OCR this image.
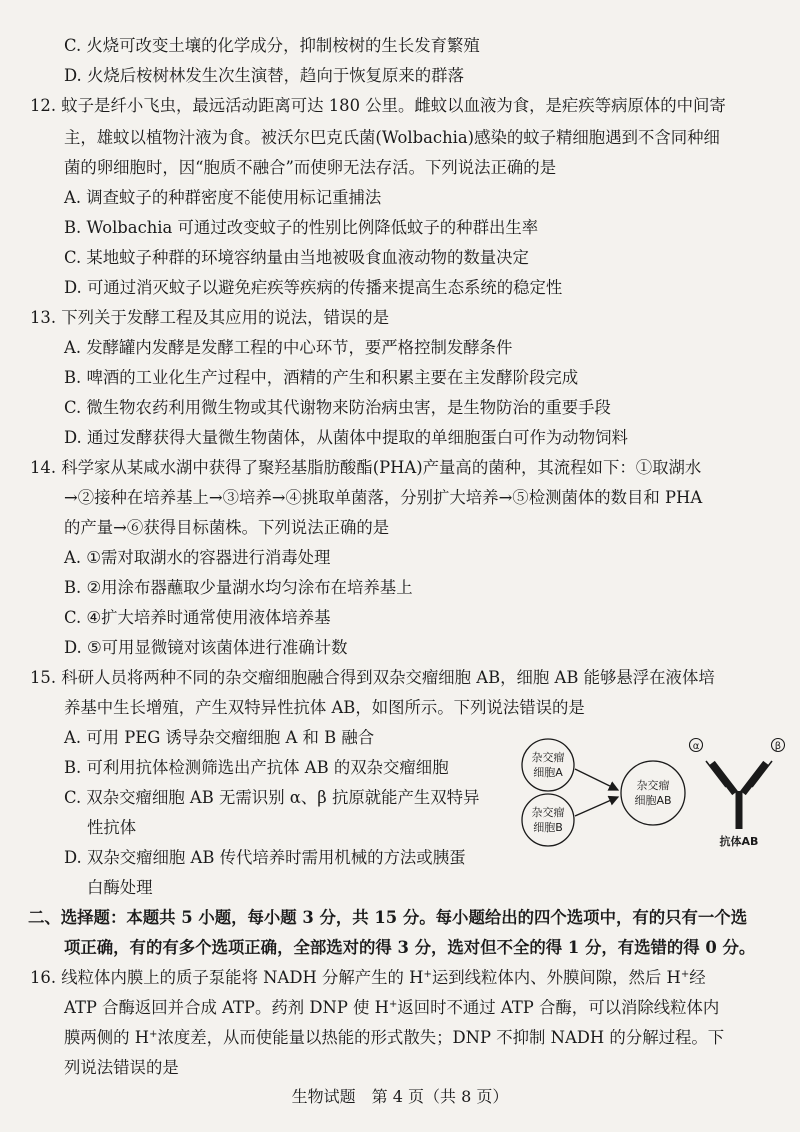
C. 火烧可改变土壤的化学成分，抑制桉树的生长发育繁殖
D. 火烧后桉树林发生次生演替，趋向于恢复原来的群落
12. 蚊子是纤小飞虫，最远活动距离可达 180 公里。雌蚊以血液为食，是疟疾等病原体的中间寄
主，雄蚊以植物汁液为食。被沃尔巴克氏菌(Wolbachia)感染的蚊子精细胞遇到不含同种细
菌的卵细胞时，因“胞质不融合”而使卵无法存活。下列说法正确的是
A. 调查蚊子的种群密度不能使用标记重捕法
B. Wolbachia 可通过改变蚊子的性别比例降低蚊子的种群出生率
C. 某地蚊子种群的环境容纳量由当地被吸食血液动物的数量决定
D. 可通过消灭蚊子以避免疟疾等疾病的传播来提高生态系统的稳定性
13. 下列关于发酵工程及其应用的说法，错误的是
A. 发酵罐内发酵是发酵工程的中心环节，要严格控制发酵条件
B. 啤酒的工业化生产过程中，酒精的产生和积累主要在主发酵阶段完成
C. 微生物农药利用微生物或其代谢物来防治病虫害，是生物防治的重要手段
D. 通过发酵获得大量微生物菌体，从菌体中提取的单细胞蛋白可作为动物饲料
14. 科学家从某咸水湖中获得了聚羟基脂肪酸酯(PHA)产量高的菌种，其流程如下：①取湖水
→②接种在培养基上→③培养→④挑取单菌落，分别扩大培养→⑤检测菌体的数目和 PHA
的产量→⑥获得目标菌株。下列说法正确的是
A. ①需对取湖水的容器进行消毒处理
B. ②用涂布器蘸取少量湖水均匀涂布在培养基上
C. ④扩大培养时通常使用液体培养基
D. ⑤可用显微镜对该菌体进行准确计数
15. 科研人员将两种不同的杂交瘤细胞融合得到双杂交瘤细胞 AB，细胞 AB 能够悬浮在液体培
养基中生长增殖，产生双特异性抗体 AB，如图所示。下列说法错误的是
A. 可用 PEG 诱导杂交瘤细胞 A 和 B 融合
B. 可利用抗体检测筛选出产抗体 AB 的双杂交瘤细胞
C. 双杂交瘤细胞 AB 无需识别 α、β 抗原就能产生双特异
性抗体
D. 双杂交瘤细胞 AB 传代培养时需用机械的方法或胰蛋
白酶处理
二、选择题：本题共 5 小题，每小题 3 分，共 15 分。每小题给出的四个选项中，有的只有一个选
项正确，有的有多个选项正确，全部选对的得 3 分，选对但不全的得 1 分，有选错的得 0 分。
16. 线粒体内膜上的质子泵能将 NADH 分解产生的 H+运到线粒体内、外膜间隙，然后 H+经
ATP 合酶返回并合成 ATP。药剂 DNP 使 H+返回时不通过 ATP 合酶，可以消除线粒体内
膜两侧的 H+浓度差，从而使能量以热能的形式散失；DNP 不抑制 NADH 的分解过程。下
列说法错误的是
杂交瘤
细胞A
杂交瘤
细胞B
杂交瘤
细胞AB
α	β
抗体AB
生物试题　第 4 页（共 8 页）
